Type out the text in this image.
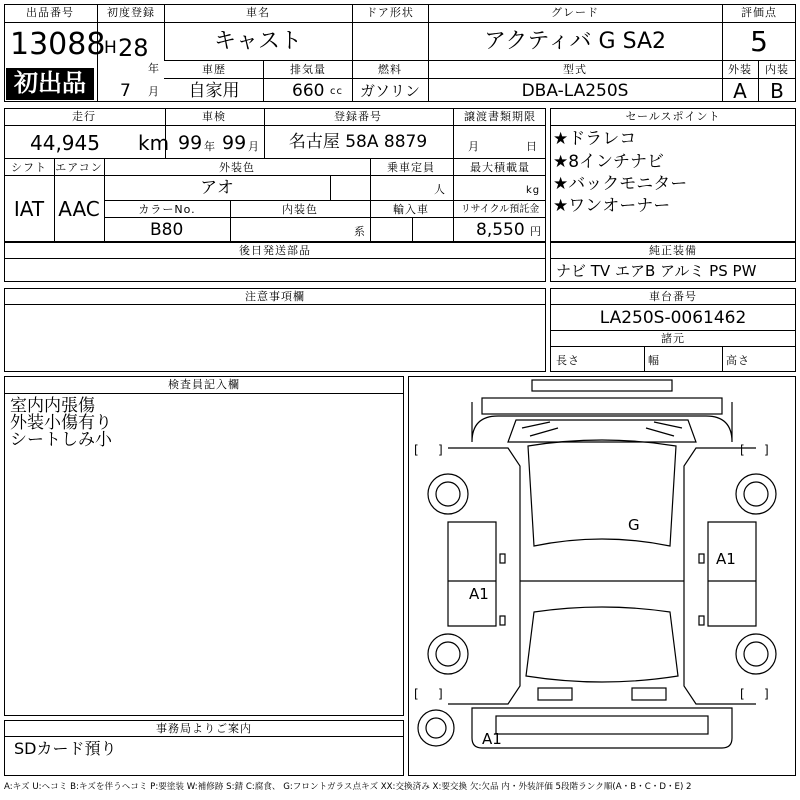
出品番号
13088
初出品
初度登録
H 28
年
7 月
車名
キャスト
ドア形状	グレード
アクティバ G SA2
評価点
5
車歴
自家用
排気量
660 cc
燃料
ガソリン
型式
DBA-LA250S
外装
A
内装
B
走行
44,945 km
車検
99 年 99 月
登録番号
名古屋 58A 8879
譲渡書類期限
月	日
シフト
IAT
エアコン
AAC
外装色
アオ
乗車定員
人
最大積載量
kg
カラーNo.
B80
内装色
系
輸入車	リサイクル預託金
8,550 円
後日発送部品
セールスポイント
★ドラレコ
★8インチナビ
★バックモニター
★ワンオーナー
純正装備
ナビ TV エアB アルミ PS PW
注意事項欄	車台番号
LA250S-0061462
諸元
長さ	幅	高さ
検査員記入欄
室内内張傷
外装小傷有り
シートしみ小
事務局よりご案内
SDカード預り
[ ]	[ ]
[ ]	[ ]
G
A1
A1
A1
A:キズ U:ヘコミ B:キズを伴うヘコミ P:要塗装 W:補修跡 S:錆 C:腐食、 G:フロントガラス点キズ XX:交換済み X:要交換 欠:欠品 内・外装評価 5段階ランク順(A・B・C・D・E) 2
